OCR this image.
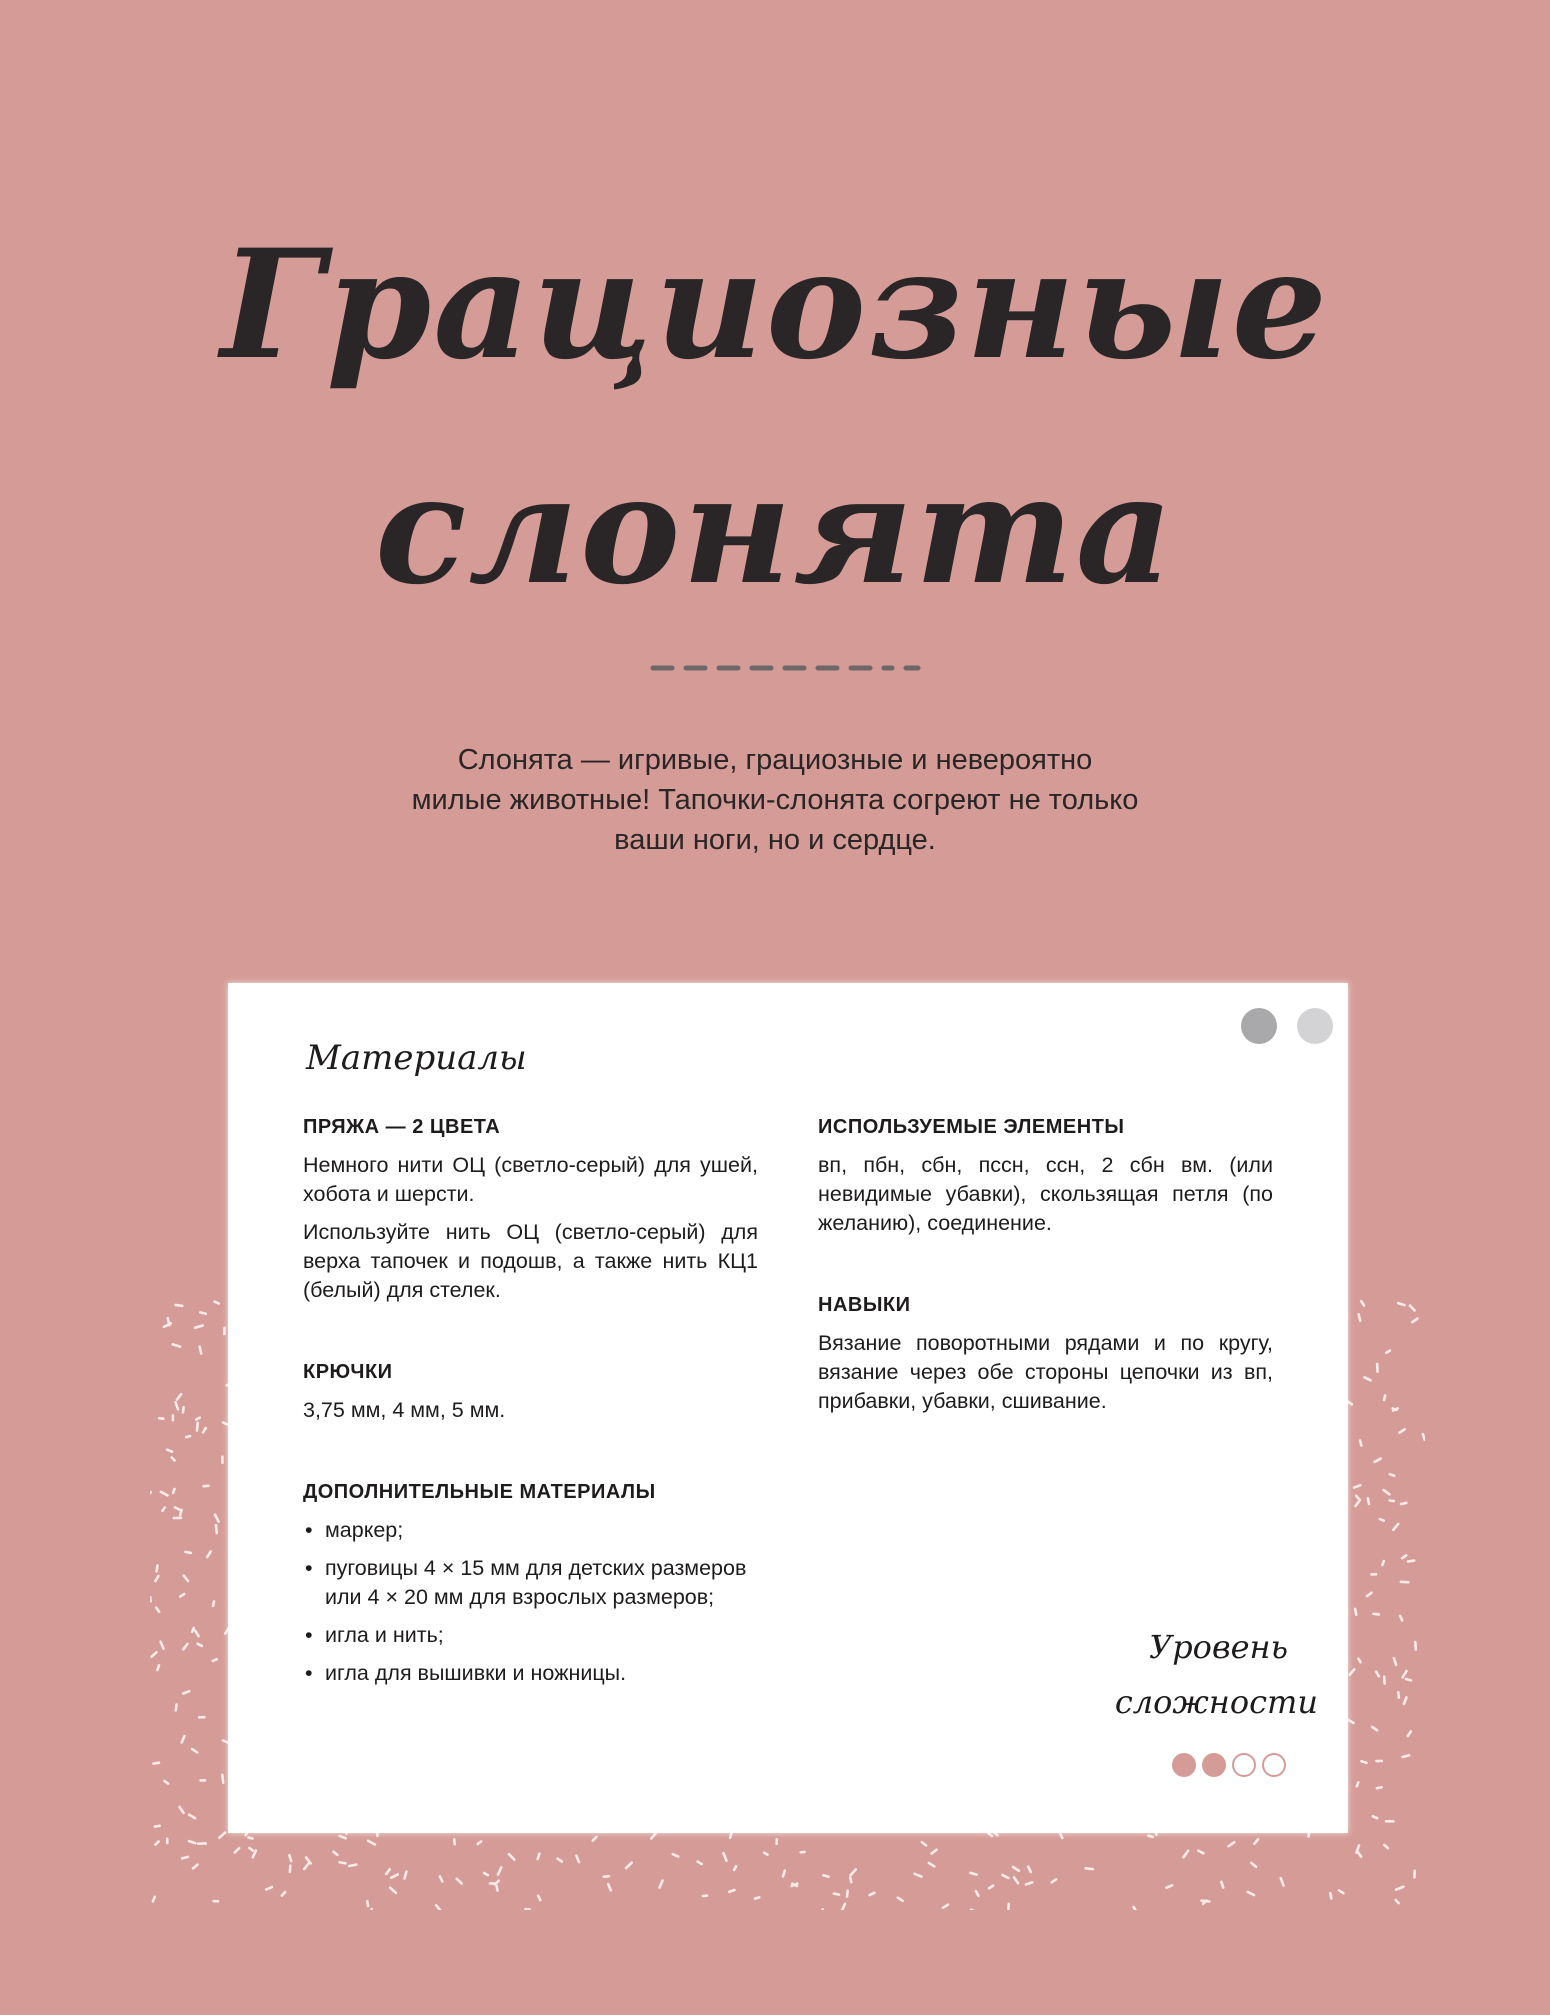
Грациозные
слонята
Слонята — игривые, грациозные и невероятно
милые животные! Тапочки-слонята согреют не только
ваши ноги, но и сердце.
Материалы
ПРЯЖА — 2 ЦВЕТА
Немного нити ОЦ (светло-серый) для ушей, хобота и шерсти.
Используйте нить ОЦ (светло-серый) для верха тапочек и подошв, а также нить КЦ1 (белый) для стелек.
КРЮЧКИ
3,75 мм, 4 мм, 5 мм.
ДОПОЛНИТЕЛЬНЫЕ МАТЕРИАЛЫ
• маркер;
• пуговицы 4 × 15 мм для детских размеров или 4 × 20 мм для взрослых размеров;
• игла и нить;
• игла для вышивки и ножницы.
ИСПОЛЬЗУЕМЫЕ ЭЛЕМЕНТЫ
вп, пбн, сбн, пссн, ссн, 2 сбн вм. (или невидимые убавки), скользящая петля (по желанию), соединение.
НАВЫКИ
Вязание поворотными рядами и по кругу, вязание через обе стороны цепочки из вп, прибавки, убавки, сшивание.
Уровень
сложности
